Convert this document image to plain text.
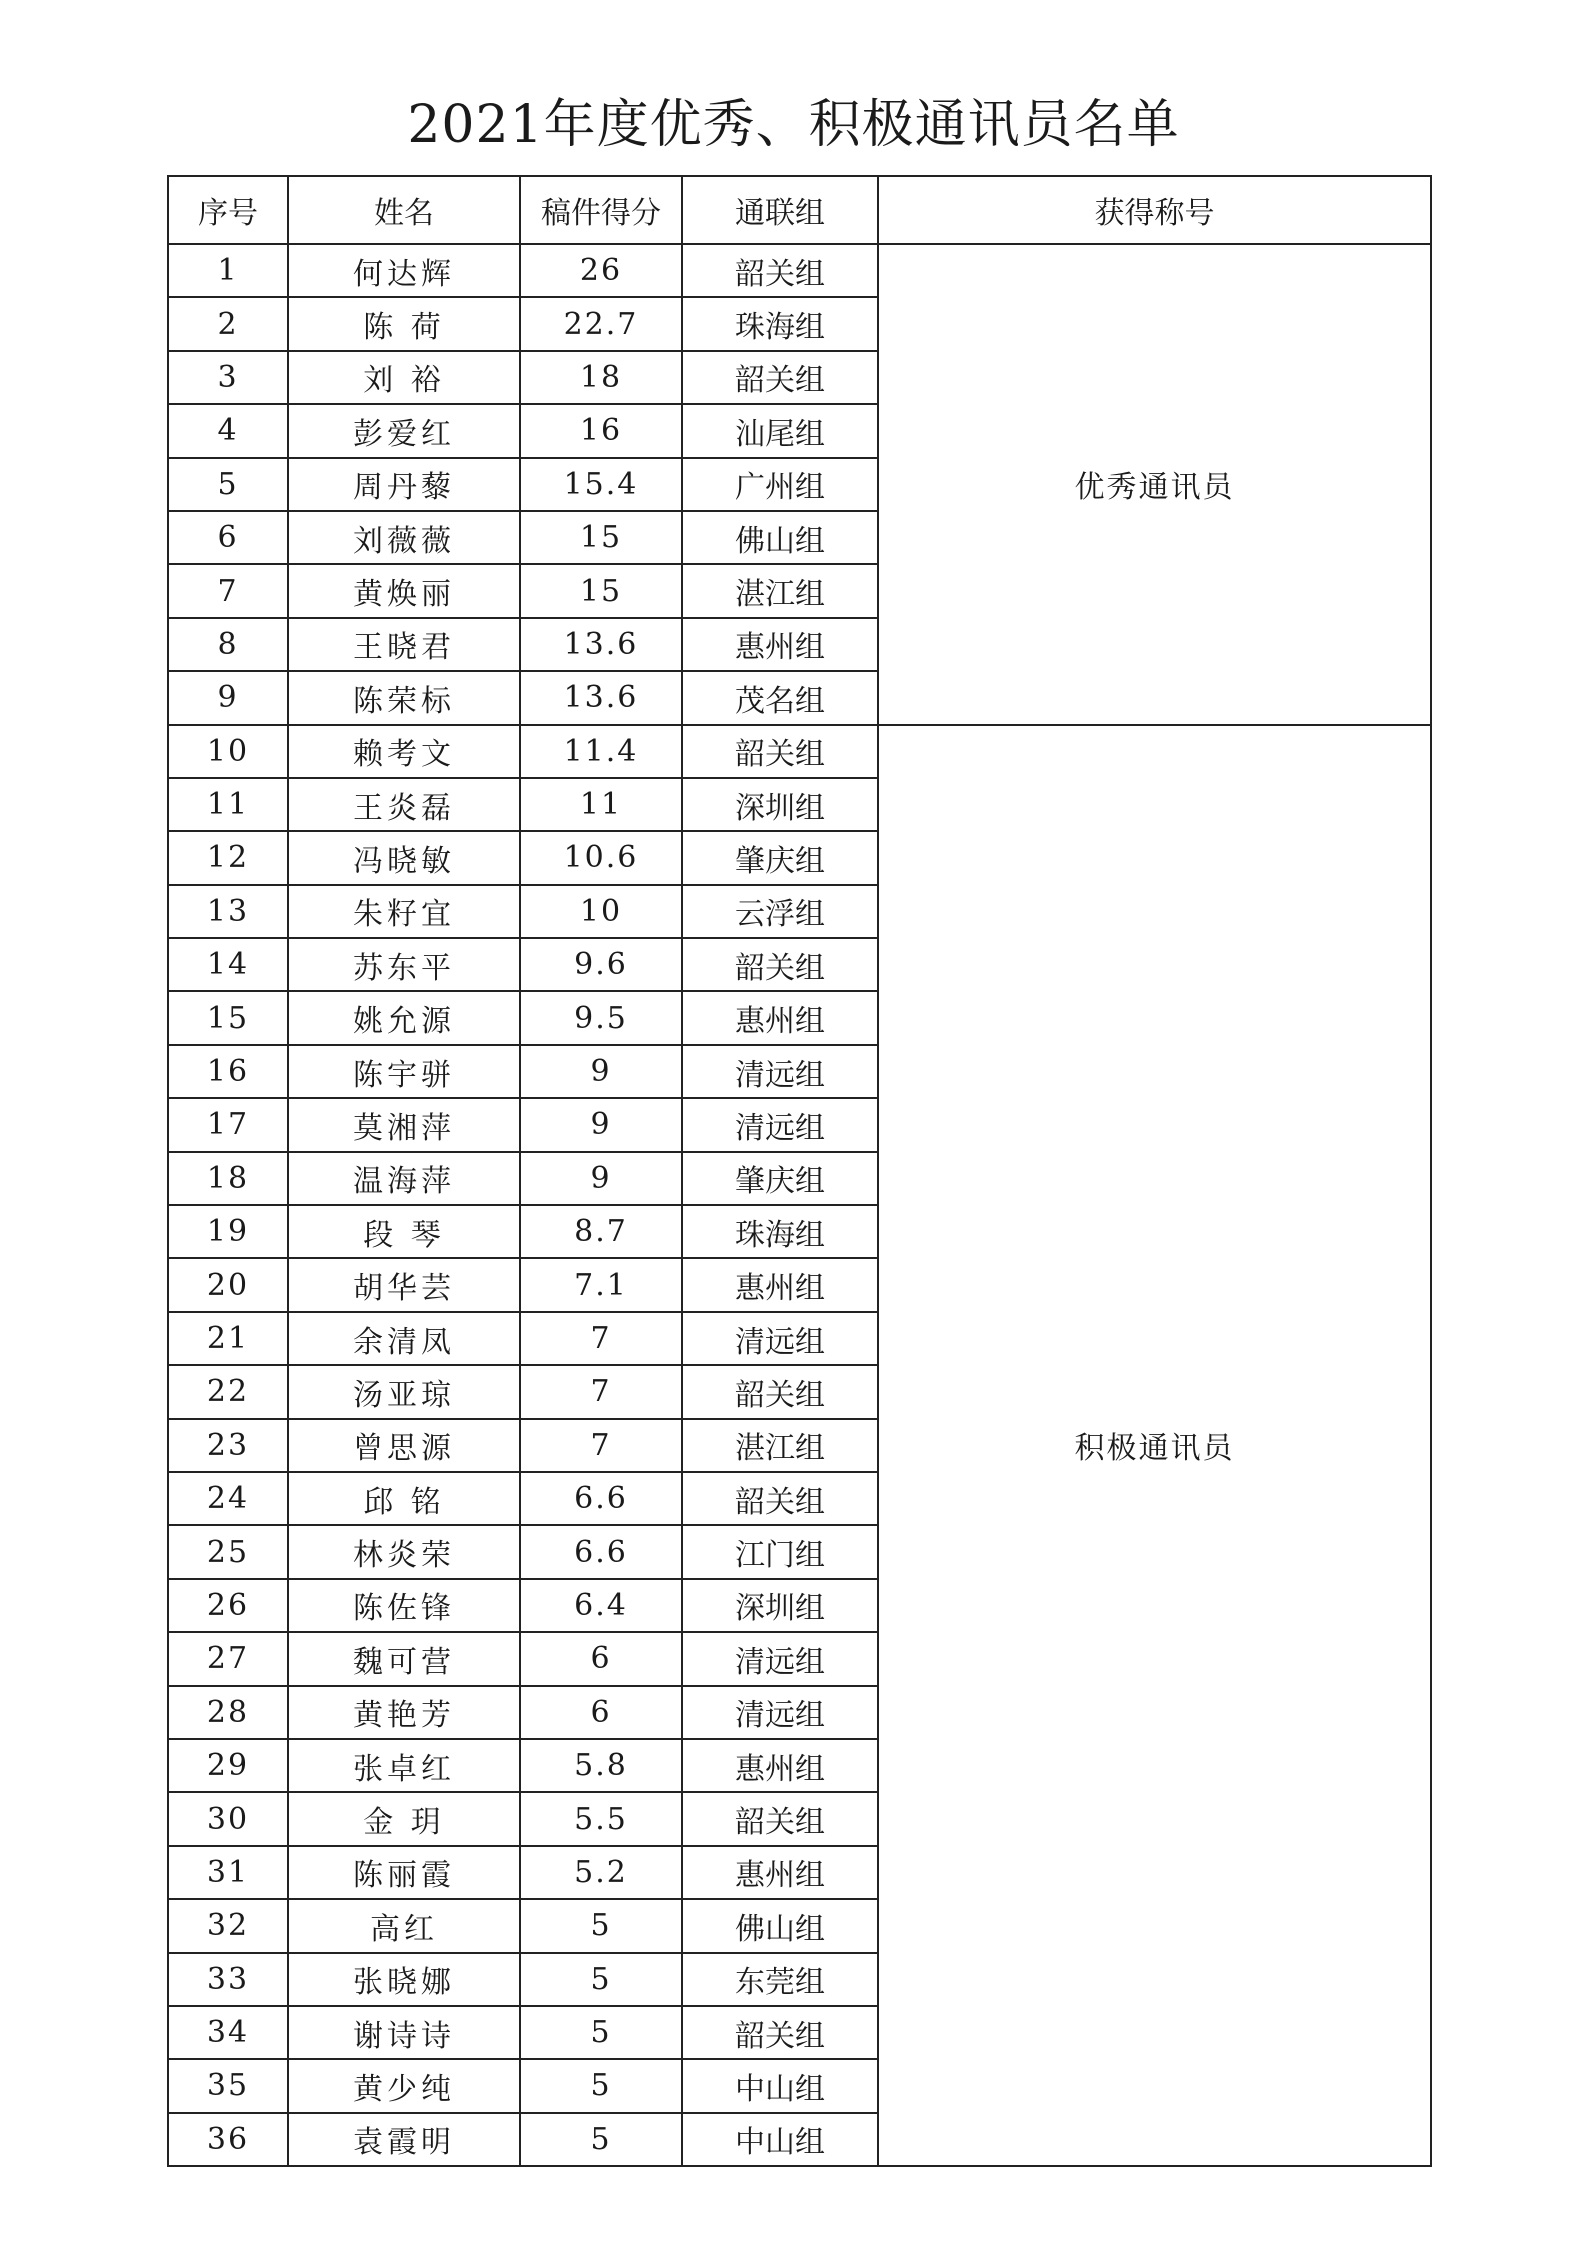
2021年度优秀、积极通讯员名单
序号	姓名	稿件得分	通联组	获得称号
1	何达辉	26	韶关组	优秀通讯员
2	陈 荷	22.7	珠海组	
3	刘 裕	18	韶关组	
4	彭爱红	16	汕尾组	
5	周丹藜	15.4	广州组	
6	刘薇薇	15	佛山组	
7	黄焕丽	15	湛江组	
8	王晓君	13.6	惠州组	
9	陈荣标	13.6	茂名组	
10	赖考文	11.4	韶关组	积极通讯员
11	王炎磊	11	深圳组	
12	冯晓敏	10.6	肇庆组	
13	朱籽宜	10	云浮组	
14	苏东平	9.6	韶关组	
15	姚允源	9.5	惠州组	
16	陈宇骈	9	清远组	
17	莫湘萍	9	清远组	
18	温海萍	9	肇庆组	
19	段 琴	8.7	珠海组	
20	胡华芸	7.1	惠州组	
21	余清凤	7	清远组	
22	汤亚琼	7	韶关组	
23	曾思源	7	湛江组	
24	邱 铭	6.6	韶关组	
25	林炎荣	6.6	江门组	
26	陈佐锋	6.4	深圳组	
27	魏可营	6	清远组	
28	黄艳芳	6	清远组	
29	张卓红	5.8	惠州组	
30	金 玥	5.5	韶关组	
31	陈丽霞	5.2	惠州组	
32	高红	5	佛山组	
33	张晓娜	5	东莞组	
34	谢诗诗	5	韶关组	
35	黄少纯	5	中山组	
36	袁霞明	5	中山组	
